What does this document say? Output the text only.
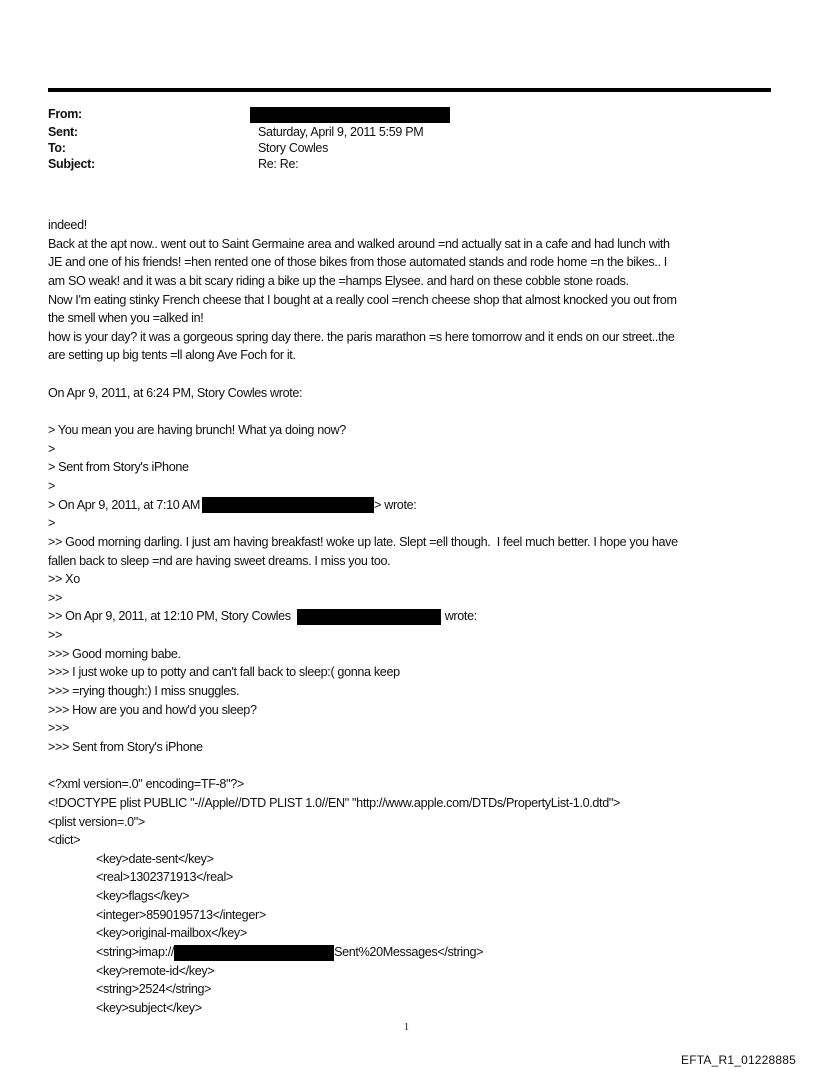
From:
Sent:	Saturday, April 9, 2011 5:59 PM
To:	Story Cowles
Subject:	Re: Re:
indeed!
Back at the apt now.. went out to Saint Germaine area and walked around =nd actually sat in a cafe and had lunch with
JE and one of his friends! =hen rented one of those bikes from those automated stands and rode home =n the bikes.. I
am SO weak! and it was a bit scary riding a bike up the =hamps Elysee. and hard on these cobble stone roads.
Now I'm eating stinky French cheese that I bought at a really cool =rench cheese shop that almost knocked you out from
the smell when you =alked in!
how is your day? it was a gorgeous spring day there. the paris marathon =s here tomorrow and it ends on our street..the
are setting up big tents =ll along Ave Foch for it.
On Apr 9, 2011, at 6:24 PM, Story Cowles wrote:
> You mean you are having brunch! What ya doing now?
>
> Sent from Story's iPhone
>
> On Apr 9, 2011, at 7:10 AM	> wrote:
>
>> Good morning darling. I just am having breakfast! woke up late. Slept =ell though.  I feel much better. I hope you have
fallen back to sleep =nd are having sweet dreams. I miss you too.
>> Xo
>>
>> On Apr 9, 2011, at 12:10 PM, Story Cowles	wrote:
>>
>>> Good morning babe.
>>> I just woke up to potty and can't fall back to sleep:( gonna keep
>>> =rying though:) I miss snuggles.
>>> How are you and how'd you sleep?
>>>
>>> Sent from Story's iPhone
<?xml version=.0" encoding=TF-8"?>
<!DOCTYPE plist PUBLIC "-//Apple//DTD PLIST 1.0//EN" "http://www.apple.com/DTDs/PropertyList-1.0.dtd">
<plist version=.0">
<dict>
<key>date-sent</key>
<real>1302371913</real>
<key>flags</key>
<integer>8590195713</integer>
<key>original-mailbox</key>
<string>imap://	Sent%20Messages</string>
<key>remote-id</key>
<string>2524</string>
<key>subject</key>
1
EFTA_R1_01228885
